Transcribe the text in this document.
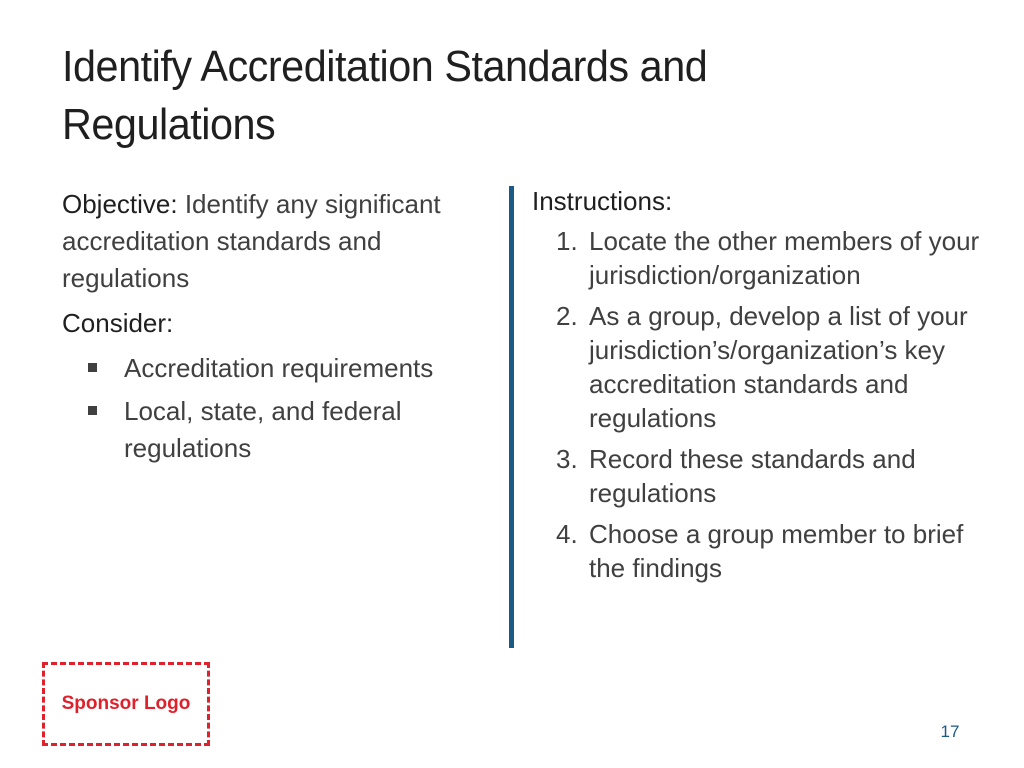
Identify Accreditation Standards and Regulations

Objective: Identify any significant accreditation standards and regulations

Consider:

Accreditation requirements
Local, state, and federal regulations
Instructions:
1. Locate the other members of your jurisdiction/organization
2. As a group, develop a list of your jurisdiction’s/organization’s key accreditation standards and regulations
3. Record these standards and regulations
4. Choose a group member to brief the findings
Sponsor Logo
17
